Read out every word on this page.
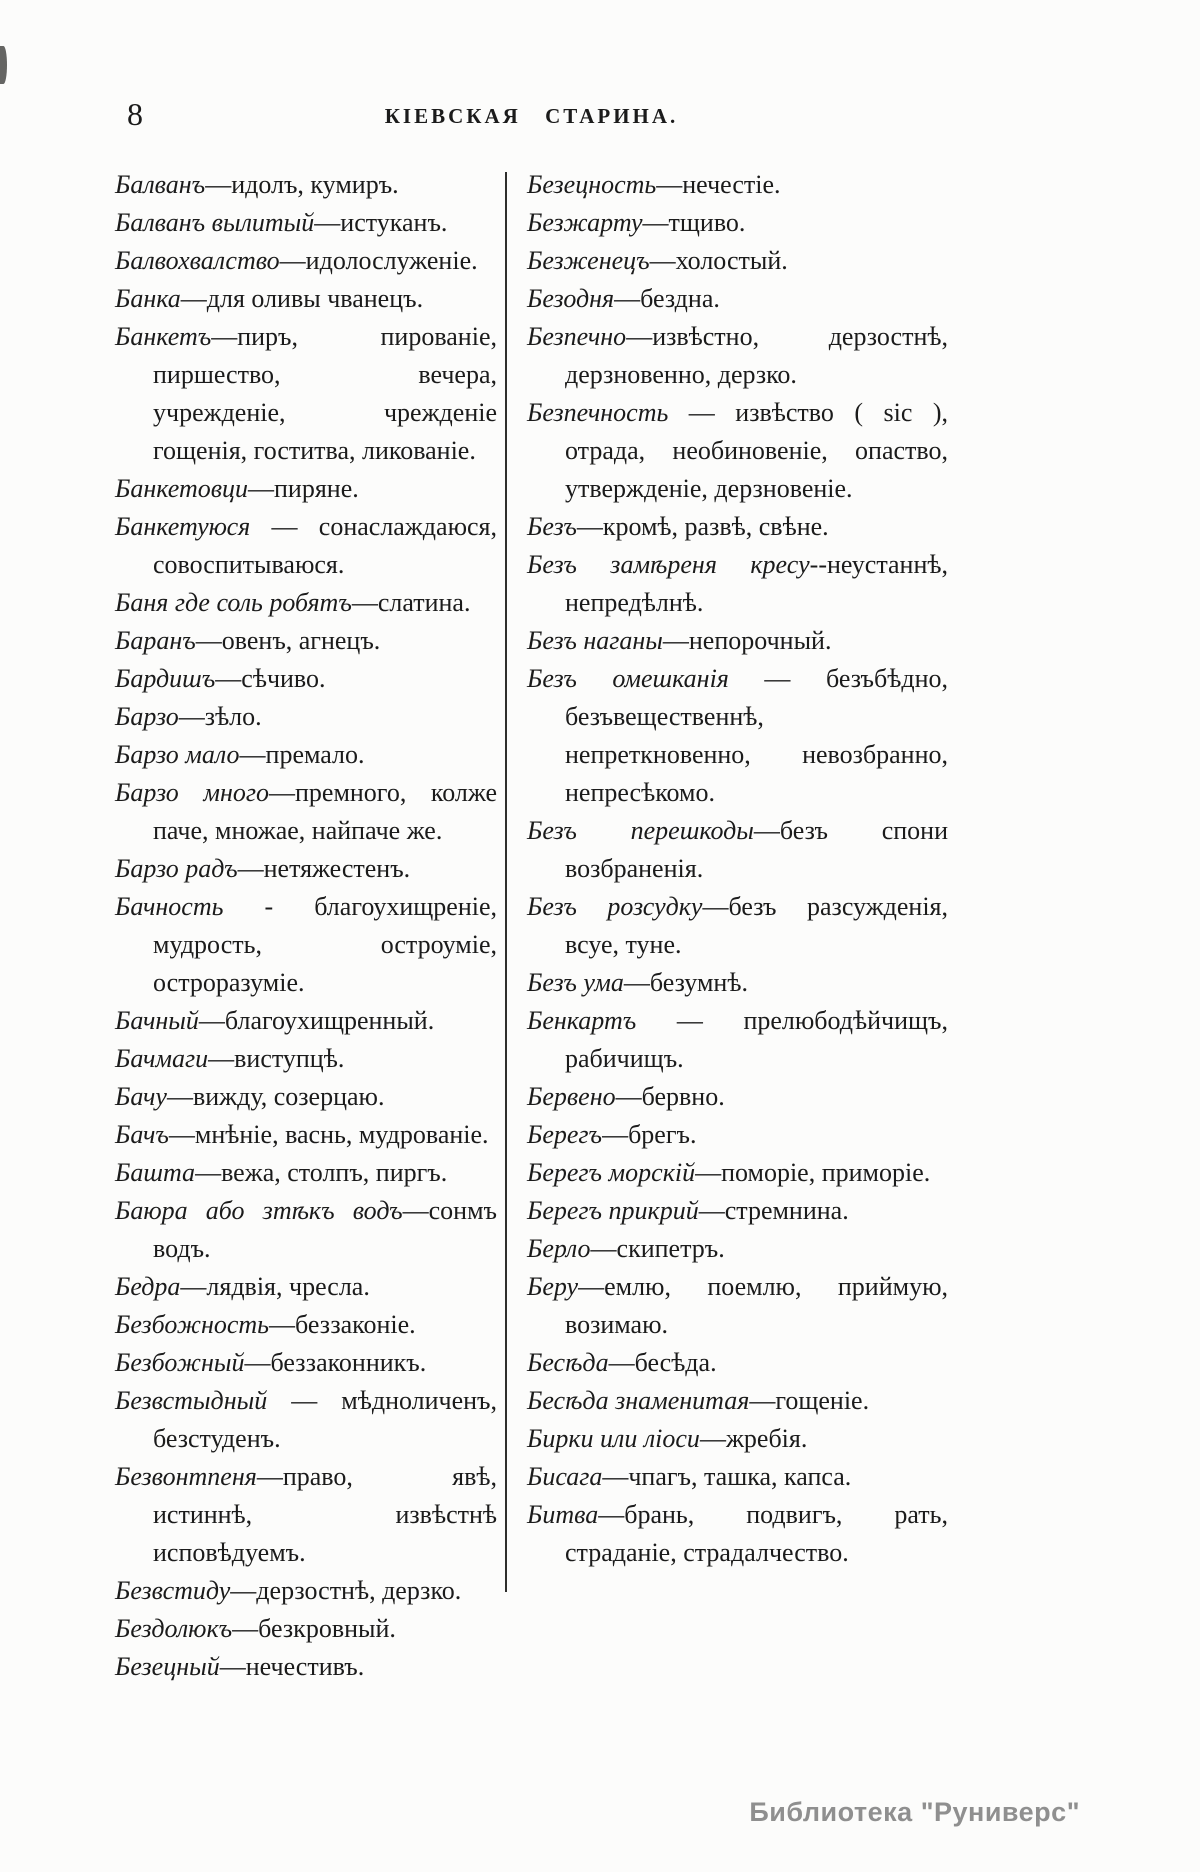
8	КІЕВСКАЯ СТАРИНА.

Балванъ—идолъ, кумиръ.

Балванъ вылитый—истуканъ.

Балвохвалство—идолослуженіе.

Банка—для оливы чванецъ.

Банкетъ—пиръ, пированіе, пиршество, вечера, учрежденіе, чрежденіе гощенія, гоститва, ликованіе.

Банкетовци—пиряне.

Банкетуюся — сонаслаждаюся, совоспитываюся.

Баня где соль робятъ—слатина.

Баранъ—овенъ, агнецъ.

Бардишъ—сѣчиво.

Барзо—зѣло.

Барзо мало—премало.

Барзо много—премного, колже паче, множае, найпаче же.

Барзо радъ—нетяжестенъ.

Бачность - благоухищреніе, мудрость, остроуміе, остроразуміе.

Бачный—благоухищренный.

Бачмаги—виступцѣ.

Бачу—вижду, созерцаю.

Бачъ—мнѣніе, васнь, мудрованіе.

Башта—вежа, столпъ, пиргъ.

Баюра або зтѣкъ водъ—сонмъ водъ.

Бедра—лядвія, чресла.

Безбожность—беззаконіе.

Безбожный—беззаконникъ.

Безвстыдный — мѣдноличенъ, безстуденъ.

Безвонтпеня—право, явѣ, истиннѣ, извѣстнѣ исповѣдуемъ.

Безвстиду—дерзостнѣ, дерзко.

Бездолюкъ—безкровный.

Безецный—нечестивъ.

Безецность—нечестіе.

Безжарту—тщиво.

Безженецъ—холостый.

Безодня—бездна.

Безпечно—извѣстно, дерзостнѣ, дерзновенно, дерзко.

Безпечность — извѣство ( sic ), отрада, необиновеніе, опаство, утвержденіе, дерзновеніе.

Безъ—кромѣ, развѣ, свѣне.

Безъ замѣреня кресу--неустаннѣ, непредѣлнѣ.

Безъ наганы—непорочный.

Безъ омешканія — безъбѣдно, безъвещественнѣ, непреткновенно, невозбранно, непресѣкомо.

Безъ перешкоды—безъ спони возбраненія.

Безъ розсудку—безъ разсужденія, всуе, туне.

Безъ ума—безумнѣ.

Бенкартъ — прелюбодѣйчищъ, рабичищъ.

Бервено—бервно.

Берегъ—брегъ.

Берегъ морскій—поморіе, приморіе.

Берегъ прикрий—стремнина.

Берло—скипетръ.

Беру—емлю, поемлю, приймую, возимаю.

Бесѣда—бесѣда.

Бесѣда знаменитая—гощеніе.

Бирки или ліоси—жребія.

Бисага—чпагъ, ташка, капса.

Битва—брань, подвигъ, рать, страданіе, страдалчество.

Библиотека "Руниверс"
